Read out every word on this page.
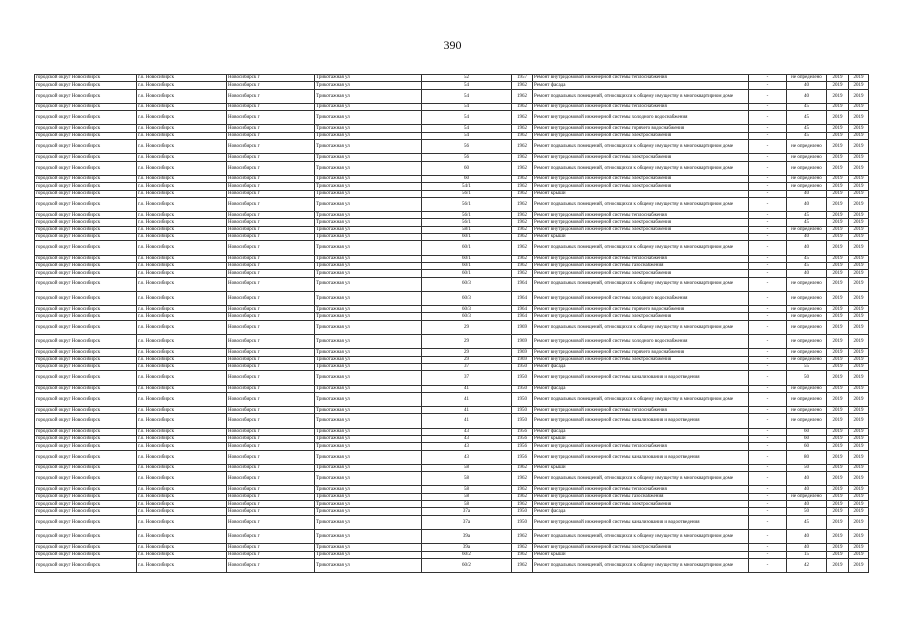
390
городской округ Новосибирск	г.о. Новосибирск	Новосибирск г	Трикотажная ул	52	1957	Ремонт внутридомовой инженерной системы теплоснабжения	-	не определено	2019	2019
городской округ Новосибирск	г.о. Новосибирск	Новосибирск г	Трикотажная ул	54	1962	Ремонт фасада	-	40	2019	2019
городской округ Новосибирск	г.о. Новосибирск	Новосибирск г	Трикотажная ул	54	1962	Ремонт подвальных помещений, относящихся к общему имуществу в многоквартирном доме	-	40	2019	2019
городской округ Новосибирск	г.о. Новосибирск	Новосибирск г	Трикотажная ул	54	1962	Ремонт внутридомовой инженерной системы теплоснабжения	-	45	2019	2019
городской округ Новосибирск	г.о. Новосибирск	Новосибирск г	Трикотажная ул	54	1962	Ремонт внутридомовой инженерной системы холодного водоснабжения	-	45	2019	2019
городской округ Новосибирск	г.о. Новосибирск	Новосибирск г	Трикотажная ул	54	1962	Ремонт внутридомовой инженерной системы горячего водоснабжения	-	45	2019	2019
городской округ Новосибирск	г.о. Новосибирск	Новосибирск г	Трикотажная ул	54	1962	Ремонт внутридомовой инженерной системы электроснабжения	-	45	2019	2019
городской округ Новосибирск	г.о. Новосибирск	Новосибирск г	Трикотажная ул	56	1962	Ремонт подвальных помещений, относящихся к общему имуществу в многоквартирном доме	-	не определено	2019	2019
городской округ Новосибирск	г.о. Новосибирск	Новосибирск г	Трикотажная ул	56	1962	Ремонт внутридомовой инженерной системы электроснабжения	-	не определено	2019	2019
городской округ Новосибирск	г.о. Новосибирск	Новосибирск г	Трикотажная ул	60	1962	Ремонт подвальных помещений, относящихся к общему имуществу в многоквартирном доме	-	не определено	2019	2019
городской округ Новосибирск	г.о. Новосибирск	Новосибирск г	Трикотажная ул	60	1962	Ремонт внутридомовой инженерной системы электроснабжения	-	не определено	2019	2019
городской округ Новосибирск	г.о. Новосибирск	Новосибирск г	Трикотажная ул	54/1	1962	Ремонт внутридомовой инженерной системы электроснабжения	-	не определено	2019	2019
городской округ Новосибирск	г.о. Новосибирск	Новосибирск г	Трикотажная ул	56/1	1962	Ремонт крыши	-	40	2019	2019
городской округ Новосибирск	г.о. Новосибирск	Новосибирск г	Трикотажная ул	56/1	1962	Ремонт подвальных помещений, относящихся к общему имуществу в многоквартирном доме	-	40	2019	2019
городской округ Новосибирск	г.о. Новосибирск	Новосибирск г	Трикотажная ул	56/1	1962	Ремонт внутридомовой инженерной системы теплоснабжения	-	45	2019	2019
городской округ Новосибирск	г.о. Новосибирск	Новосибирск г	Трикотажная ул	56/1	1962	Ремонт внутридомовой инженерной системы электроснабжения	-	45	2019	2019
городской округ Новосибирск	г.о. Новосибирск	Новосибирск г	Трикотажная ул	58/1	1962	Ремонт внутридомовой инженерной системы электроснабжения	-	не определено	2019	2019
городской округ Новосибирск	г.о. Новосибирск	Новосибирск г	Трикотажная ул	60/1	1962	Ремонт крыши	-	40	2019	2019
городской округ Новосибирск	г.о. Новосибирск	Новосибирск г	Трикотажная ул	60/1	1962	Ремонт подвальных помещений, относящихся к общему имуществу в многоквартирном доме	-	40	2019	2019
городской округ Новосибирск	г.о. Новосибирск	Новосибирск г	Трикотажная ул	60/1	1962	Ремонт внутридомовой инженерной системы теплоснабжения	-	45	2019	2019
городской округ Новосибирск	г.о. Новосибирск	Новосибирск г	Трикотажная ул	60/1	1962	Ремонт внутридомовой инженерной системы газоснабжения	-	45	2019	2019
городской округ Новосибирск	г.о. Новосибирск	Новосибирск г	Трикотажная ул	60/1	1962	Ремонт внутридомовой инженерной системы электроснабжения	-	40	2019	2019
городской округ Новосибирск	г.о. Новосибирск	Новосибирск г	Трикотажная ул	60/3	1964	Ремонт подвальных помещений, относящихся к общему имуществу в многоквартирном доме	-	не определено	2019	2019
городской округ Новосибирск	г.о. Новосибирск	Новосибирск г	Трикотажная ул	60/3	1964	Ремонт внутридомовой инженерной системы холодного водоснабжения	-	не определено	2019	2019
городской округ Новосибирск	г.о. Новосибирск	Новосибирск г	Трикотажная ул	60/3	1964	Ремонт внутридомовой инженерной системы горячего водоснабжения	-	не определено	2019	2019
городской округ Новосибирск	г.о. Новосибирск	Новосибирск г	Трикотажная ул	60/3	1964	Ремонт внутридомовой инженерной системы электроснабжения	-	не определено	2019	2019
городской округ Новосибирск	г.о. Новосибирск	Новосибирск г	Трикотажная ул	29	1969	Ремонт подвальных помещений, относящихся к общему имуществу в многоквартирном доме	-	не определено	2019	2019
городской округ Новосибирск	г.о. Новосибирск	Новосибирск г	Трикотажная ул	29	1969	Ремонт внутридомовой инженерной системы холодного водоснабжения	-	не определено	2019	2019
городской округ Новосибирск	г.о. Новосибирск	Новосибирск г	Трикотажная ул	29	1969	Ремонт внутридомовой инженерной системы горячего водоснабжения	-	не определено	2019	2019
городской округ Новосибирск	г.о. Новосибирск	Новосибирск г	Трикотажная ул	29	1969	Ремонт внутридомовой инженерной системы электроснабжения	-	не определено	2019	2019
городской округ Новосибирск	г.о. Новосибирск	Новосибирск г	Трикотажная ул	37	1950	Ремонт фасада	-	55	2019	2019
городской округ Новосибирск	г.о. Новосибирск	Новосибирск г	Трикотажная ул	37	1950	Ремонт внутридомовой инженерной системы канализования и водоотведения	-	50	2019	2019
городской округ Новосибирск	г.о. Новосибирск	Новосибирск г	Трикотажная ул	41	1950	Ремонт фасада	-	не определено	2019	2019
городской округ Новосибирск	г.о. Новосибирск	Новосибирск г	Трикотажная ул	41	1950	Ремонт подвальных помещений, относящихся к общему имуществу в многоквартирном доме	-	не определено	2019	2019
городской округ Новосибирск	г.о. Новосибирск	Новосибирск г	Трикотажная ул	41	1950	Ремонт внутридомовой инженерной системы теплоснабжения	-	не определено	2019	2019
городской округ Новосибирск	г.о. Новосибирск	Новосибирск г	Трикотажная ул	41	1950	Ремонт внутридомовой инженерной системы канализования и водоотведения	-	не определено	2019	2019
городской округ Новосибирск	г.о. Новосибирск	Новосибирск г	Трикотажная ул	43	1956	Ремонт фасада	-	60	2019	2019
городской округ Новосибирск	г.о. Новосибирск	Новосибирск г	Трикотажная ул	43	1956	Ремонт крыши	-	60	2019	2019
городской округ Новосибирск	г.о. Новосибирск	Новосибирск г	Трикотажная ул	43	1956	Ремонт внутридомовой инженерной системы теплоснабжения	-	60	2019	2019
городской округ Новосибирск	г.о. Новосибирск	Новосибирск г	Трикотажная ул	43	1956	Ремонт внутридомовой инженерной системы канализования и водоотведения	-	80	2019	2019
городской округ Новосибирск	г.о. Новосибирск	Новосибирск г	Трикотажная ул	58	1962	Ремонт крыши	-	50	2019	2019
городской округ Новосибирск	г.о. Новосибирск	Новосибирск г	Трикотажная ул	58	1962	Ремонт подвальных помещений, относящихся к общему имуществу в многоквартирном доме	-	40	2019	2019
городской округ Новосибирск	г.о. Новосибирск	Новосибирск г	Трикотажная ул	58	1962	Ремонт внутридомовой инженерной системы теплоснабжения	-	40	2019	2019
городской округ Новосибирск	г.о. Новосибирск	Новосибирск г	Трикотажная ул	58	1962	Ремонт внутридомовой инженерной системы газоснабжения	-	не определено	2019	2019
городской округ Новосибирск	г.о. Новосибирск	Новосибирск г	Трикотажная ул	58	1962	Ремонт внутридомовой инженерной системы электроснабжения	-	40	2019	2019
городской округ Новосибирск	г.о. Новосибирск	Новосибирск г	Трикотажная ул	37а	1950	Ремонт фасада	-	50	2019	2019
городской округ Новосибирск	г.о. Новосибирск	Новосибирск г	Трикотажная ул	37а	1950	Ремонт внутридомовой инженерной системы канализования и водоотведения	-	45	2019	2019
городской округ Новосибирск	г.о. Новосибирск	Новосибирск г	Трикотажная ул	39а	1962	Ремонт подвальных помещений, относящихся к общему имуществу в многоквартирном доме	-	40	2019	2019
городской округ Новосибирск	г.о. Новосибирск	Новосибирск г	Трикотажная ул	39а	1962	Ремонт внутридомовой инженерной системы электроснабжения	-	40	2019	2019
городской округ Новосибирск	г.о. Новосибирск	Новосибирск г	Трикотажная ул	60/2	1962	Ремонт крыши	-	15	2019	2019
городской округ Новосибирск	г.о. Новосибирск	Новосибирск г	Трикотажная ул	60/2	1962	Ремонт подвальных помещений, относящихся к общему имуществу в многоквартирном доме	-	42	2019	2019
